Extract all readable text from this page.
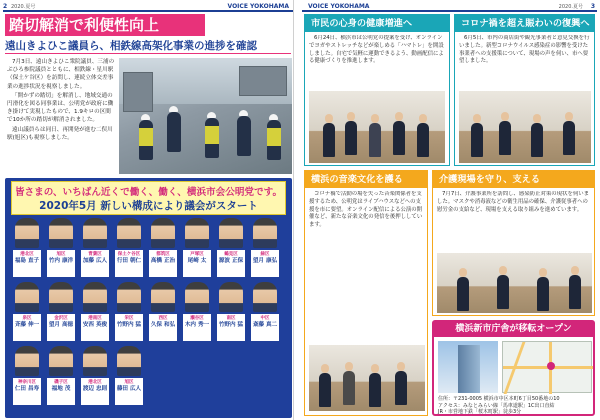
2 2020.夏号	VOICE YOKOHAMA
踏切解消で利便性向上
遠山きよひこ議員ら、相鉄線高架化事業の進捗を確認

7月3日、遠山きよひこ衆院議員、三浦のぶひろ参院議員とともに、相鉄線・星川駅（保土ケ谷区）を訪問し、連続立体交差事業の進捗状況を視察しました。

「開かずの踏切」を解消し、地域交通の円滑化を図る同事業は、公明党が政府に働き掛けて実現したもので、1.9キロの区間で10か所の踏切が解消されました。

遠山議員らは同日、再開発が進む二俣川駅(旭区)も視察しました。

皆さまの、いちばん近くで働く、働く、横浜市会公明党です。
2020年5月 新しい構成により議会がスタート
港北区
福島 直子
旭区
竹内 康洋
青葉区
加藤 広人
保土ケ谷区
行田 朝仁
都筑区
高橋 正治
戸塚区
尾崎 太
鶴見区
源波 正保
緑区
望月 康弘
泉区
斉藤 伸一
金沢区
望月 高徳
港南区
安西 英俊
栄区
竹野内 猛
西区
久保 和弘
瀬谷区
木内 秀一
南区
竹野内 猛
中区
斎藤 真二
神奈川区
仁田 昌寿
磯子区
福地 茂
港北区
渡辺 忠則
旭区
藤田 広人
VOICE YOKOHAMA	2020.夏号 3
市民の心身の健康増進へ

6月24日、横浜市は公明党の提案を受け、オンラインでヨガやストレッチなどが楽しめる「ハマトレ」を開設しました。自宅で気軽に運動できるよう、動画配信による健康づくりを推進します。

コロナ禍を超え賑わいの復興へ

6月5日、市内の商店街や観光事業者と意見交換を行いました。新型コロナウイルス感染症の影響を受けた事業者への支援策について、現場の声を伺い、市へ要望しました。

横浜の音楽文化を護る

コロナ禍で活動の場を失った音楽関係者を支援するため、公明党はライブハウスなどへの支援を市に要望。オンライン配信による公演の開催など、新たな音楽文化の発信を後押ししています。

介護現場を守り、支える

7月7日、介護事業所を訪問し、感染防止対策の現状を伺いました。マスクや消毒液などの衛生用品の確保、介護従事者への慰労金の支給など、現場を支える取り組みを進めています。

横浜新市庁舎が移転オープン
住所：〒231-0005 横浜市中区本町6丁目50番地の10
アクセス：みなとみらい線「馬車道駅」1C出口直結
JR・市営地下鉄「桜木町駅」徒歩3分
